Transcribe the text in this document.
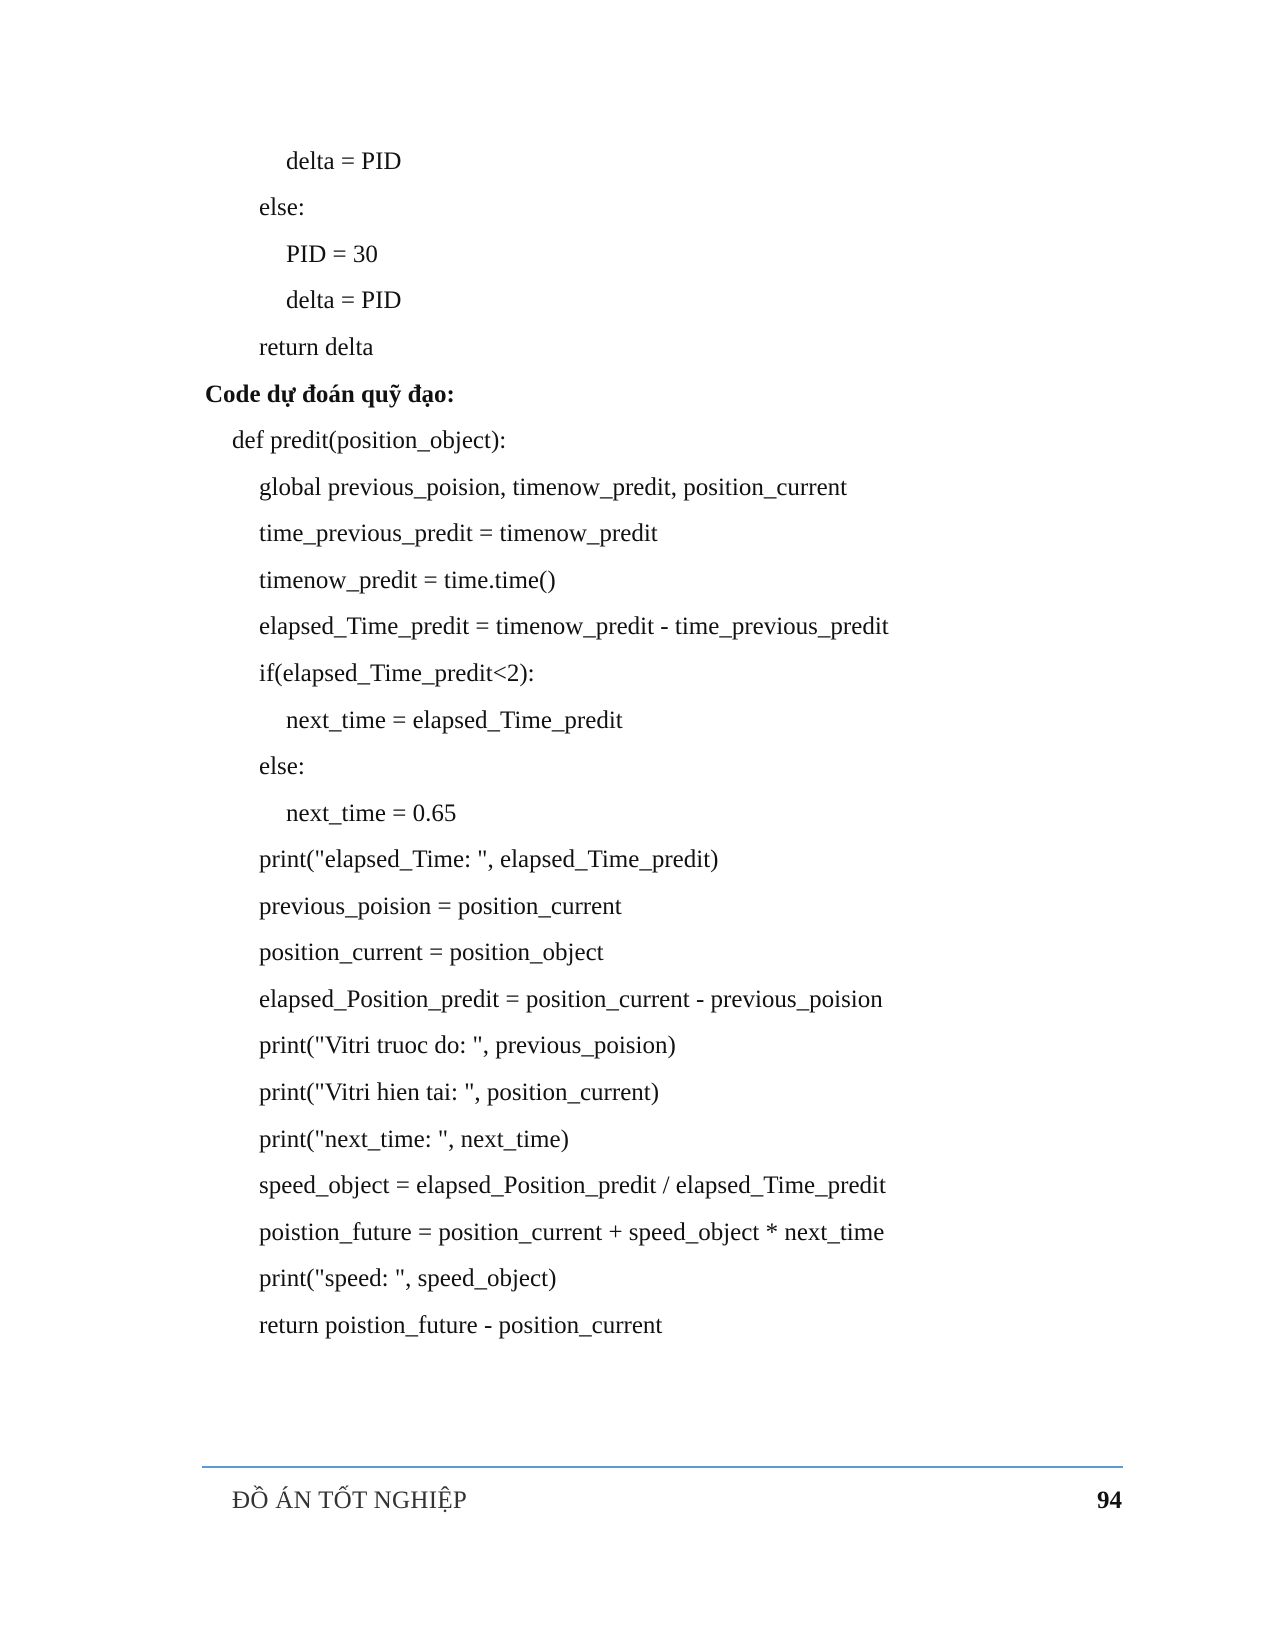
delta = PID
else:
PID = 30
delta = PID
return delta
Code dự đoán quỹ đạo:
def predit(position_object):
global previous_poision, timenow_predit, position_current
time_previous_predit = timenow_predit
timenow_predit = time.time()
elapsed_Time_predit = timenow_predit - time_previous_predit
if(elapsed_Time_predit<2):
next_time = elapsed_Time_predit
else:
next_time = 0.65
print("elapsed_Time: ", elapsed_Time_predit)
previous_poision = position_current
position_current = position_object
elapsed_Position_predit = position_current - previous_poision
print("Vitri truoc do: ", previous_poision)
print("Vitri hien tai: ", position_current)
print("next_time: ", next_time)
speed_object = elapsed_Position_predit / elapsed_Time_predit
poistion_future = position_current + speed_object * next_time
print("speed: ", speed_object)
return poistion_future - position_current
ĐỒ ÁN TỐT NGHIỆP	94
